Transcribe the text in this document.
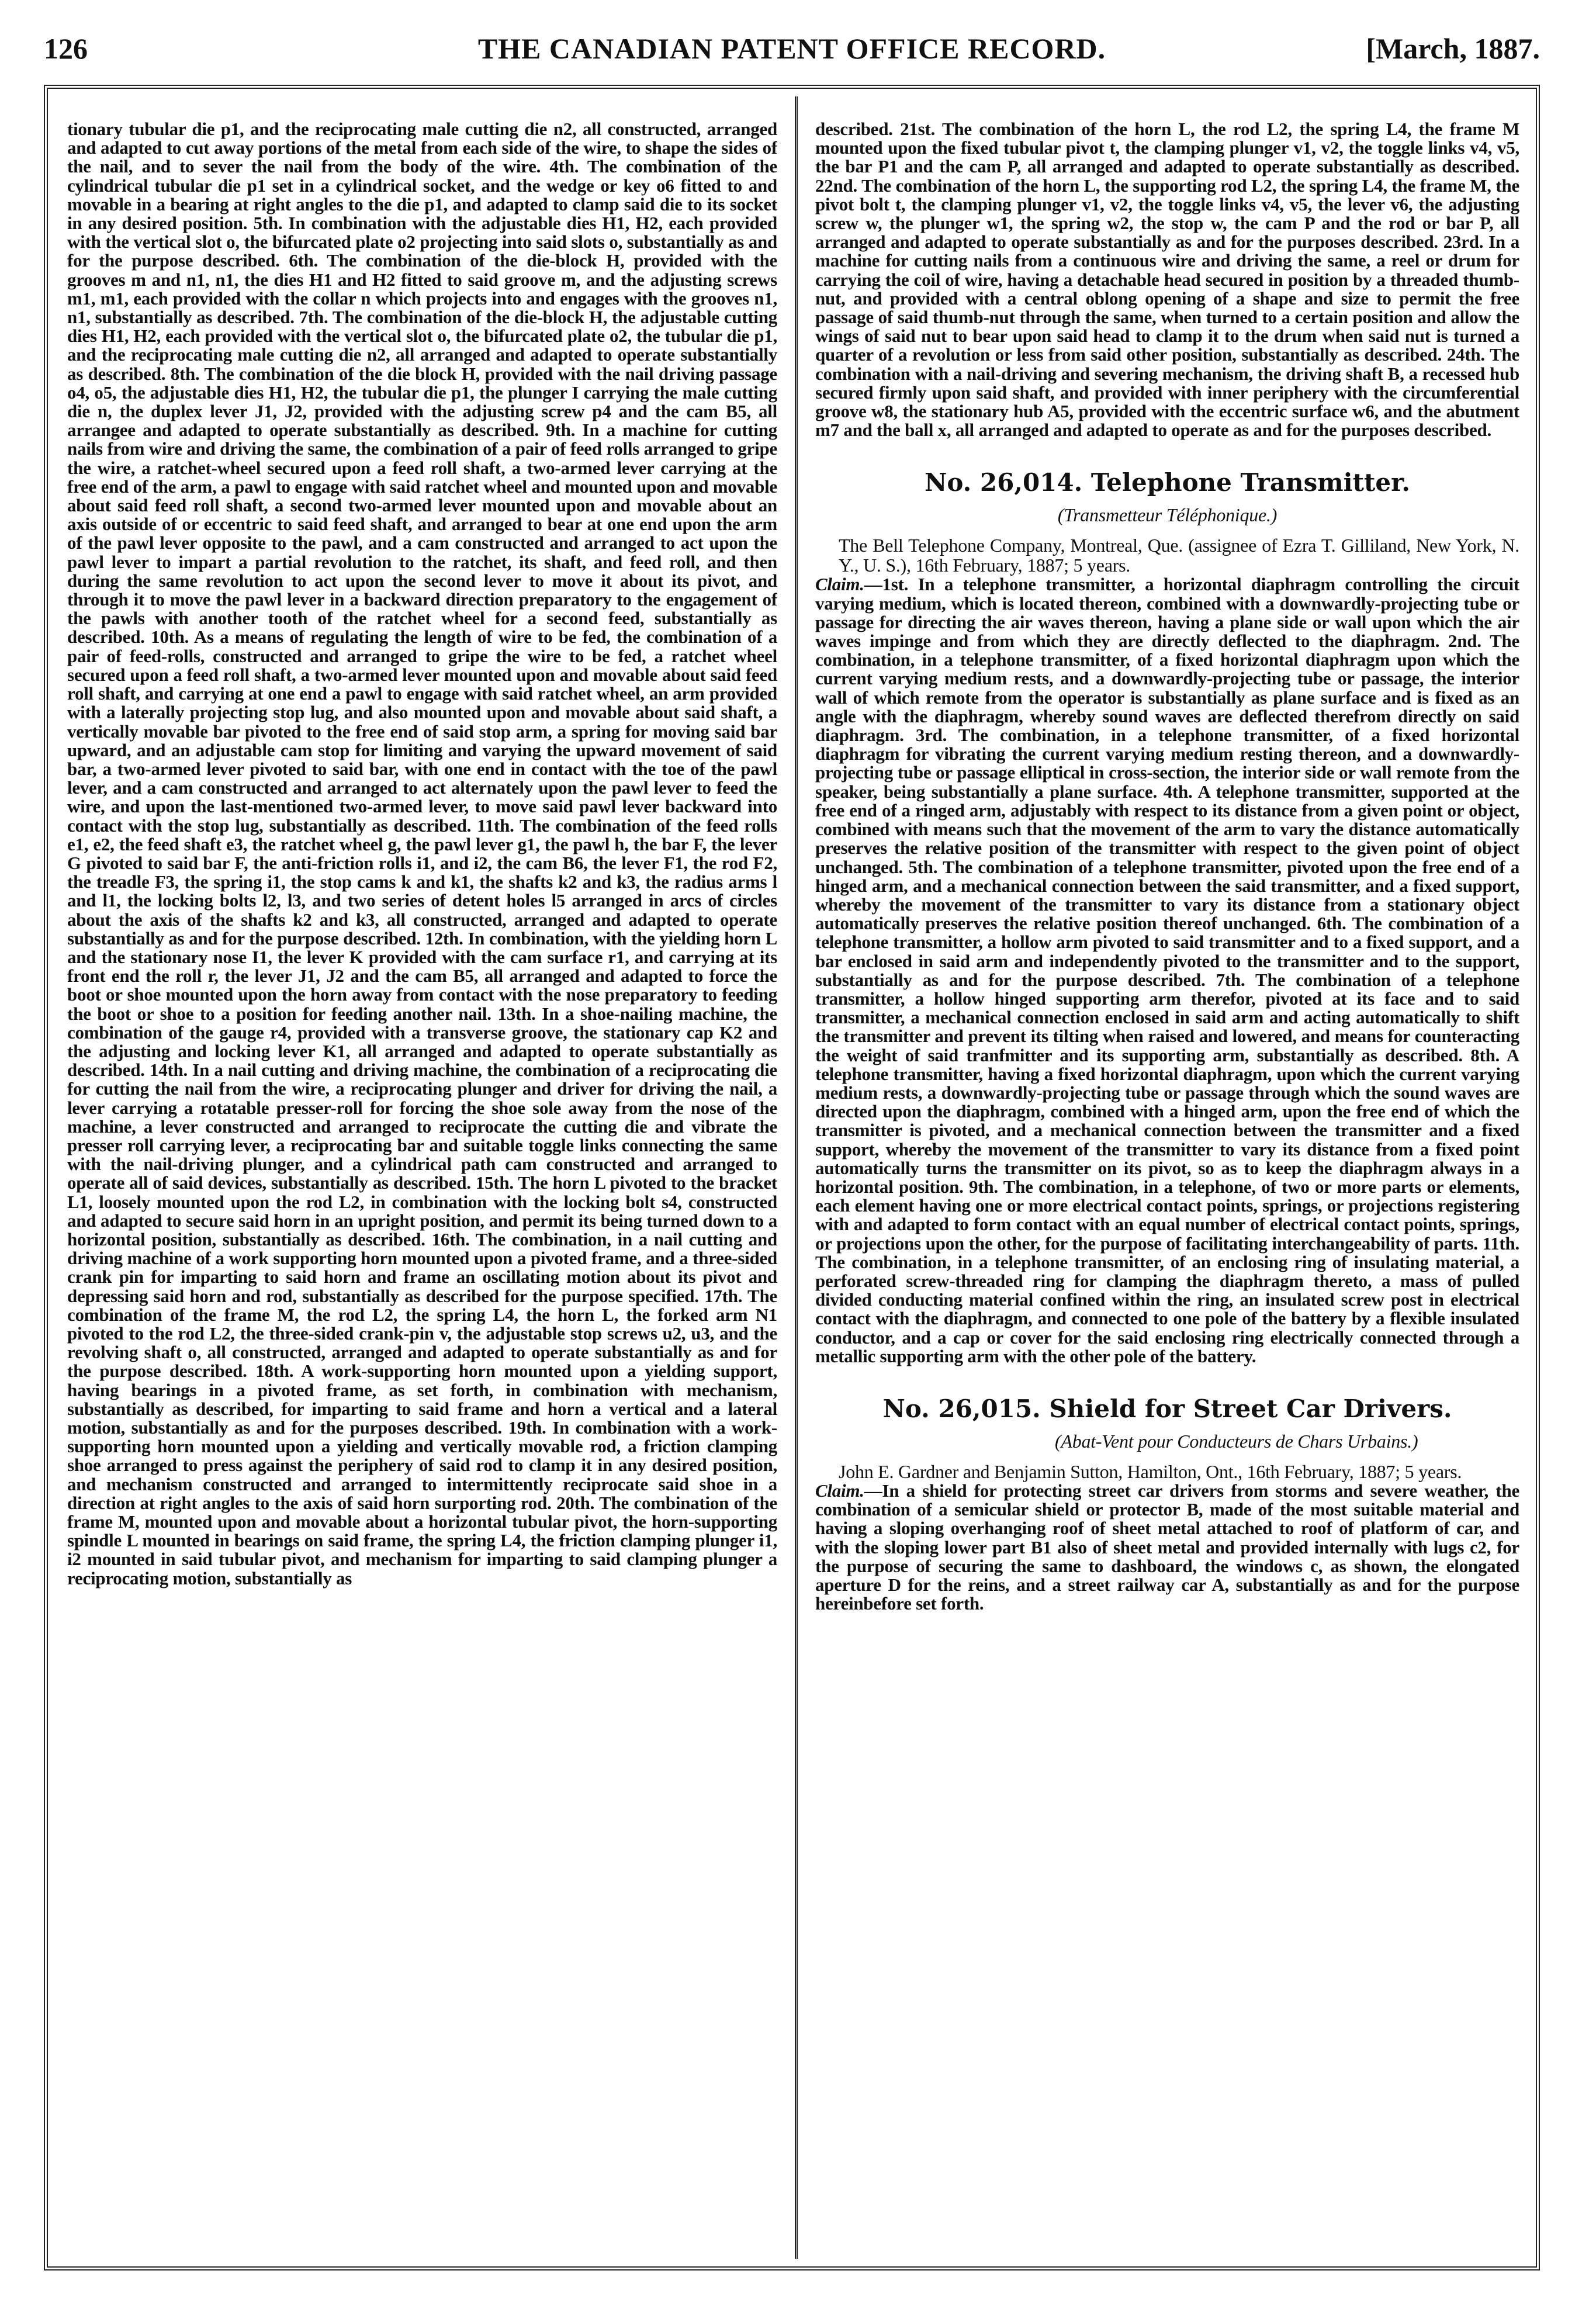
126	THE CANADIAN PATENT OFFICE RECORD.	[March, 1887.

tionary tubular die p1, and the reciprocating male cutting die n2, all constructed, arranged and adapted to cut away portions of the metal from each side of the wire, to shape the sides of the nail, and to sever the nail from the body of the wire. 4th. The combination of the cylindrical tubular die p1 set in a cylindrical socket, and the wedge or key o6 fitted to and movable in a bearing at right angles to the die p1, and adapted to clamp said die to its socket in any desired position. 5th. In combination with the adjustable dies H1, H2, each provided with the vertical slot o, the bifurcated plate o2 projecting into said slots o, substantially as and for the purpose described. 6th. The combination of the die-block H, provided with the grooves m and n1, n1, the dies H1 and H2 fitted to said groove m, and the adjusting screws m1, m1, each provided with the collar n which projects into and engages with the grooves n1, n1, substantially as described. 7th. The combination of the die-block H, the adjustable cutting dies H1, H2, each provided with the vertical slot o, the bifurcated plate o2, the tubular die p1, and the reciprocating male cutting die n2, all arranged and adapted to operate substantially as described. 8th. The combination of the die block H, provided with the nail driving passage o4, o5, the adjustable dies H1, H2, the tubular die p1, the plunger I carrying the male cutting die n, the duplex lever J1, J2, provided with the adjusting screw p4 and the cam B5, all arrangee and adapted to operate substantially as described. 9th. In a machine for cutting nails from wire and driving the same, the combination of a pair of feed rolls arranged to gripe the wire, a ratchet-wheel secured upon a feed roll shaft, a two-armed lever carrying at the free end of the arm, a pawl to engage with said ratchet wheel and mounted upon and movable about said feed roll shaft, a second two-armed lever mounted upon and movable about an axis outside of or eccentric to said feed shaft, and arranged to bear at one end upon the arm of the pawl lever opposite to the pawl, and a cam constructed and arranged to act upon the pawl lever to impart a partial revolution to the ratchet, its shaft, and feed roll, and then during the same revolution to act upon the second lever to move it about its pivot, and through it to move the pawl lever in a backward direction preparatory to the engagement of the pawls with another tooth of the ratchet wheel for a second feed, substantially as described. 10th. As a means of regulating the length of wire to be fed, the combination of a pair of feed-rolls, constructed and arranged to gripe the wire to be fed, a ratchet wheel secured upon a feed roll shaft, a two-armed lever mounted upon and movable about said feed roll shaft, and carrying at one end a pawl to engage with said ratchet wheel, an arm provided with a laterally projecting stop lug, and also mounted upon and movable about said shaft, a vertically movable bar pivoted to the free end of said stop arm, a spring for moving said bar upward, and an adjustable cam stop for limiting and varying the upward movement of said bar, a two-armed lever pivoted to said bar, with one end in contact with the toe of the pawl lever, and a cam constructed and arranged to act alternately upon the pawl lever to feed the wire, and upon the last-mentioned two-armed lever, to move said pawl lever backward into contact with the stop lug, substantially as described. 11th. The combination of the feed rolls e1, e2, the feed shaft e3, the ratchet wheel g, the pawl lever g1, the pawl h, the bar F, the lever G pivoted to said bar F, the anti-friction rolls i1, and i2, the cam B6, the lever F1, the rod F2, the treadle F3, the spring i1, the stop cams k and k1, the shafts k2 and k3, the radius arms l and l1, the locking bolts l2, l3, and two series of detent holes l5 arranged in arcs of circles about the axis of the shafts k2 and k3, all constructed, arranged and adapted to operate substantially as and for the purpose described. 12th. In combination, with the yielding horn L and the stationary nose I1, the lever K provided with the cam surface r1, and carrying at its front end the roll r, the lever J1, J2 and the cam B5, all arranged and adapted to force the boot or shoe mounted upon the horn away from contact with the nose preparatory to feeding the boot or shoe to a position for feeding another nail. 13th. In a shoe-nailing machine, the combination of the gauge r4, provided with a transverse groove, the stationary cap K2 and the adjusting and locking lever K1, all arranged and adapted to operate substantially as described. 14th. In a nail cutting and driving machine, the combination of a reciprocating die for cutting the nail from the wire, a reciprocating plunger and driver for driving the nail, a lever carrying a rotatable presser-roll for forcing the shoe sole away from the nose of the machine, a lever constructed and arranged to reciprocate the cutting die and vibrate the presser roll carrying lever, a reciprocating bar and suitable toggle links connecting the same with the nail-driving plunger, and a cylindrical path cam constructed and arranged to operate all of said devices, substantially as described. 15th. The horn L pivoted to the bracket L1, loosely mounted upon the rod L2, in combination with the locking bolt s4, constructed and adapted to secure said horn in an upright position, and permit its being turned down to a horizontal position, substantially as described. 16th. The combination, in a nail cutting and driving machine of a work supporting horn mounted upon a pivoted frame, and a three-sided crank pin for imparting to said horn and frame an oscillating motion about its pivot and depressing said horn and rod, substantially as described for the purpose specified. 17th. The combination of the frame M, the rod L2, the spring L4, the horn L, the forked arm N1 pivoted to the rod L2, the three-sided crank-pin v, the adjustable stop screws u2, u3, and the revolving shaft o, all constructed, arranged and adapted to operate substantially as and for the purpose described. 18th. A work-supporting horn mounted upon a yielding support, having bearings in a pivoted frame, as set forth, in combination with mechanism, substantially as described, for imparting to said frame and horn a vertical and a lateral motion, substantially as and for the purposes described. 19th. In combination with a work-supporting horn mounted upon a yielding and vertically movable rod, a friction clamping shoe arranged to press against the periphery of said rod to clamp it in any desired position, and mechanism constructed and arranged to intermittently reciprocate said shoe in a direction at right angles to the axis of said horn surporting rod. 20th. The combination of the frame M, mounted upon and movable about a horizontal tubular pivot, the horn-supporting spindle L mounted in bearings on said frame, the spring L4, the friction clamping plunger i1, i2 mounted in said tubular pivot, and mechanism for imparting to said clamping plunger a reciprocating motion, substantially as

described. 21st. The combination of the horn L, the rod L2, the spring L4, the frame M mounted upon the fixed tubular pivot t, the clamping plunger v1, v2, the toggle links v4, v5, the bar P1 and the cam P, all arranged and adapted to operate substantially as described. 22nd. The combination of the horn L, the supporting rod L2, the spring L4, the frame M, the pivot bolt t, the clamping plunger v1, v2, the toggle links v4, v5, the lever v6, the adjusting screw w, the plunger w1, the spring w2, the stop w, the cam P and the rod or bar P, all arranged and adapted to operate substantially as and for the purposes described. 23rd. In a machine for cutting nails from a continuous wire and driving the same, a reel or drum for carrying the coil of wire, having a detachable head secured in position by a threaded thumb-nut, and provided with a central oblong opening of a shape and size to permit the free passage of said thumb-nut through the same, when turned to a certain position and allow the wings of said nut to bear upon said head to clamp it to the drum when said nut is turned a quarter of a revolution or less from said other position, substantially as described. 24th. The combination with a nail-driving and severing mechanism, the driving shaft B, a recessed hub secured firmly upon said shaft, and provided with inner periphery with the circumferential groove w8, the stationary hub A5, provided with the eccentric surface w6, and the abutment m7 and the ball x, all arranged and adapted to operate as and for the purposes described.

No. 26,014. Telephone Transmitter.
(Transmetteur Téléphonique.)

The Bell Telephone Company, Montreal, Que. (assignee of Ezra T. Gilliland, New York, N. Y., U. S.), 16th February, 1887; 5 years.

Claim.—1st. In a telephone transmitter, a horizontal diaphragm controlling the circuit varying medium, which is located thereon, combined with a downwardly-projecting tube or passage for directing the air waves thereon, having a plane side or wall upon which the air waves impinge and from which they are directly deflected to the diaphragm. 2nd. The combination, in a telephone transmitter, of a fixed horizontal diaphragm upon which the current varying medium rests, and a downwardly-projecting tube or passage, the interior wall of which remote from the operator is substantially as plane surface and is fixed as an angle with the diaphragm, whereby sound waves are deflected therefrom directly on said diaphragm. 3rd. The combination, in a telephone transmitter, of a fixed horizontal diaphragm for vibrating the current varying medium resting thereon, and a downwardly-projecting tube or passage elliptical in cross-section, the interior side or wall remote from the speaker, being substantially a plane surface. 4th. A telephone transmitter, supported at the free end of a ringed arm, adjustably with respect to its distance from a given point or object, combined with means such that the movement of the arm to vary the distance automatically preserves the relative position of the transmitter with respect to the given point of object unchanged. 5th. The combination of a telephone transmitter, pivoted upon the free end of a hinged arm, and a mechanical connection between the said transmitter, and a fixed support, whereby the movement of the transmitter to vary its distance from a stationary object automatically preserves the relative position thereof unchanged. 6th. The combination of a telephone transmitter, a hollow arm pivoted to said transmitter and to a fixed support, and a bar enclosed in said arm and independently pivoted to the transmitter and to the support, substantially as and for the purpose described. 7th. The combination of a telephone transmitter, a hollow hinged supporting arm therefor, pivoted at its face and to said transmitter, a mechanical connection enclosed in said arm and acting automatically to shift the transmitter and prevent its tilting when raised and lowered, and means for counteracting the weight of said tranfmitter and its supporting arm, substantially as described. 8th. A telephone transmitter, having a fixed horizontal diaphragm, upon which the current varying medium rests, a downwardly-projecting tube or passage through which the sound waves are directed upon the diaphragm, combined with a hinged arm, upon the free end of which the transmitter is pivoted, and a mechanical connection between the transmitter and a fixed support, whereby the movement of the transmitter to vary its distance from a fixed point automatically turns the transmitter on its pivot, so as to keep the diaphragm always in a horizontal position. 9th. The combination, in a telephone, of two or more parts or elements, each element having one or more electrical contact points, springs, or projections registering with and adapted to form contact with an equal number of electrical contact points, springs, or projections upon the other, for the purpose of facilitating interchangeability of parts. 11th. The combination, in a telephone transmitter, of an enclosing ring of insulating material, a perforated screw-threaded ring for clamping the diaphragm thereto, a mass of pulled divided conducting material confined within the ring, an insulated screw post in electrical contact with the diaphragm, and connected to one pole of the battery by a flexible insulated conductor, and a cap or cover for the said enclosing ring electrically connected through a metallic supporting arm with the other pole of the battery.

No. 26,015. Shield for Street Car Drivers.
(Abat-Vent pour Conducteurs de Chars Urbains.)

John E. Gardner and Benjamin Sutton, Hamilton, Ont., 16th February, 1887; 5 years.

Claim.—In a shield for protecting street car drivers from storms and severe weather, the combination of a semicular shield or protector B, made of the most suitable material and having a sloping overhanging roof of sheet metal attached to roof of platform of car, and with the sloping lower part B1 also of sheet metal and provided internally with lugs c2, for the purpose of securing the same to dashboard, the windows c, as shown, the elongated aperture D for the reins, and a street railway car A, substantially as and for the purpose hereinbefore set forth.
